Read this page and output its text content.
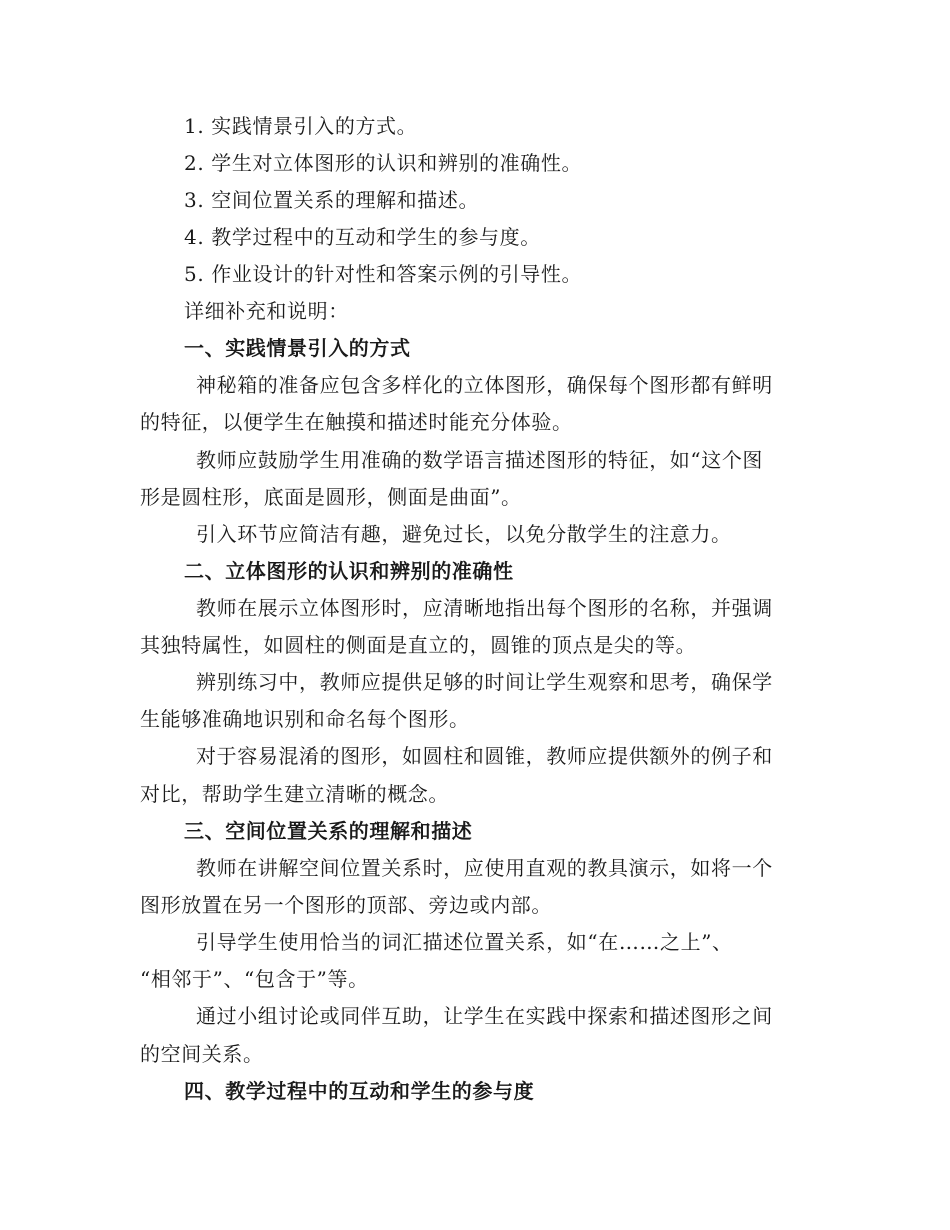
1. 实践情景引入的方式。
2. 学生对立体图形的认识和辨别的准确性。
3. 空间位置关系的理解和描述。
4. 教学过程中的互动和学生的参与度。
5. 作业设计的针对性和答案示例的引导性。
详细补充和说明：
一、实践情景引入的方式
神秘箱的准备应包含多样化的立体图形，确保每个图形都有鲜明
的特征，以便学生在触摸和描述时能充分体验。
教师应鼓励学生用准确的数学语言描述图形的特征，如“这个图
形是圆柱形，底面是圆形，侧面是曲面”。
引入环节应简洁有趣，避免过长，以免分散学生的注意力。
二、立体图形的认识和辨别的准确性
教师在展示立体图形时，应清晰地指出每个图形的名称，并强调
其独特属性，如圆柱的侧面是直立的，圆锥的顶点是尖的等。
辨别练习中，教师应提供足够的时间让学生观察和思考，确保学
生能够准确地识别和命名每个图形。
对于容易混淆的图形，如圆柱和圆锥，教师应提供额外的例子和
对比，帮助学生建立清晰的概念。
三、空间位置关系的理解和描述
教师在讲解空间位置关系时，应使用直观的教具演示，如将一个
图形放置在另一个图形的顶部、旁边或内部。
引导学生使用恰当的词汇描述位置关系，如“在……之上”、
“相邻于”、“包含于”等。
通过小组讨论或同伴互助，让学生在实践中探索和描述图形之间
的空间关系。
四、教学过程中的互动和学生的参与度
